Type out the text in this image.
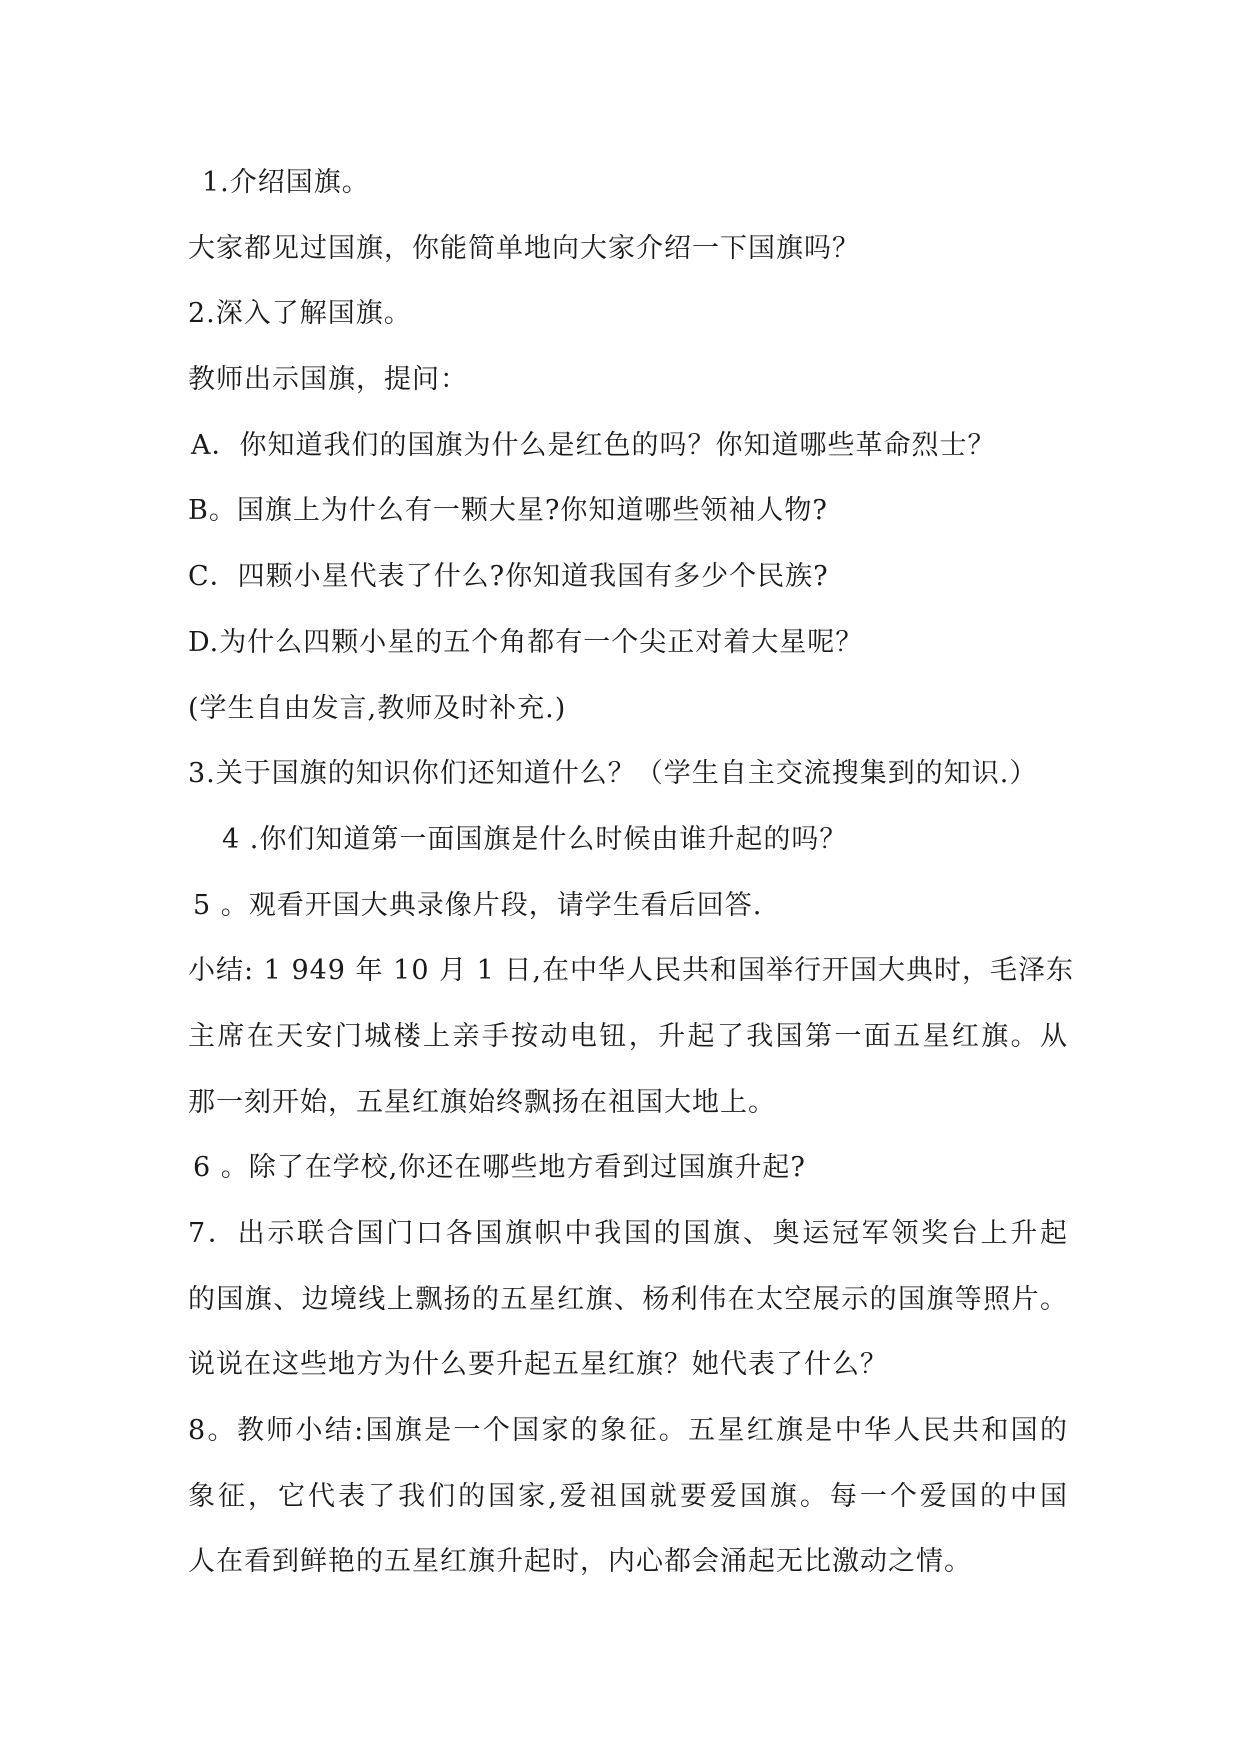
1.介绍国旗。
大家都见过国旗，你能简单地向大家介绍一下国旗吗？
2.深入了解国旗。
教师出示国旗，提问：
A．你知道我们的国旗为什么是红色的吗？你知道哪些革命烈士？
B。国旗上为什么有一颗大星?你知道哪些领袖人物?
C．四颗小星代表了什么?你知道我国有多少个民族?
D.为什么四颗小星的五个角都有一个尖正对着大星呢？
(学生自由发言,教师及时补充.)
3.关于国旗的知识你们还知道什么？（学生自主交流搜集到的知识.）
4 .你们知道第一面国旗是什么时候由谁升起的吗？
5 。观看开国大典录像片段，请学生看后回答.
小结: 1 949 年 10 月 1 日,在中华人民共和国举行开国大典时，毛泽东
主席在天安门城楼上亲手按动电钮，升起了我国第一面五星红旗。从
那一刻开始，五星红旗始终飘扬在祖国大地上。
6 。除了在学校,你还在哪些地方看到过国旗升起?
7．出示联合国门口各国旗帜中我国的国旗、奥运冠军领奖台上升起
的国旗、边境线上飘扬的五星红旗、杨利伟在太空展示的国旗等照片。
说说在这些地方为什么要升起五星红旗？她代表了什么？
8。教师小结:国旗是一个国家的象征。五星红旗是中华人民共和国的
象征，它代表了我们的国家,爱祖国就要爱国旗。每一个爱国的中国
人在看到鲜艳的五星红旗升起时，内心都会涌起无比激动之情。
